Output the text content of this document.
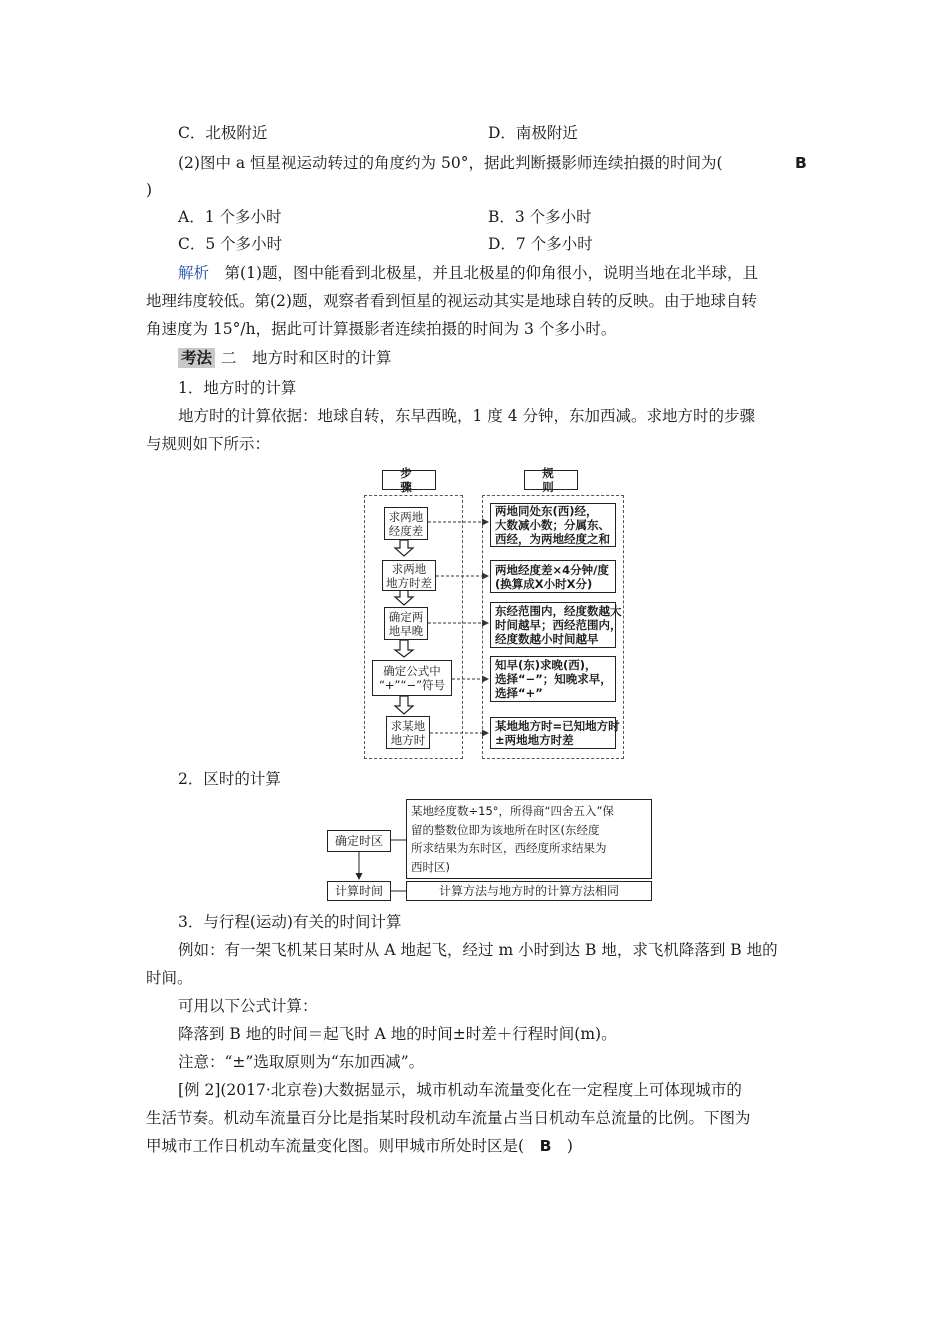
C．北极附近	D．南极附近
(2)图中 a 恒星视运动转过的角度约为 50°，据此判断摄影师连续拍摄的时间为(	B
)
A．1 个多小时	B．3 个多小时
C．5 个多小时	D．7 个多小时
解析　 第(1)题，图中能看到北极星，并且北极星的仰角很小，说明当地在北半球，且
地理纬度较低。第(2)题，观察者看到恒星的视运动其实是地球自转的反映。由于地球自转
角速度为 15°/h，据此可计算摄影者连续拍摄的时间为 3 个多小时。
考法 二　地方时和区时的计算
1．地方时的计算
地方时的计算依据：地球自转，东早西晚，1 度 4 分钟，东加西减。求地方时的步骤
与规则如下所示：
步　骤
规　则
求两地
经度差
求两地
地方时差
确定两
地早晚
确定公式中
“+”“−”符号
求某地
地方时
两地同处东(西)经，
大数减小数；分属东、
西经，为两地经度之和
两地经度差×4分钟/度
(换算成X小时X分)
东经范围内，经度数越大
时间越早；西经范围内，
经度数越小时间越早
知早(东)求晚(西)，
选择“−”；知晚求早，
选择“+”
某地地方时=已知地方时
±两地地方时差
2．区时的计算
确定时区
某地经度数÷15°，所得商“四舍五入”保
留的整数位即为该地所在时区(东经度
所求结果为东时区，西经度所求结果为
西时区)
计算时间	计算方法与地方时的计算方法相同
3．与行程(运动)有关的时间计算
例如：有一架飞机某日某时从 A 地起飞，经过 m 小时到达 B 地，求飞机降落到 B 地的
时间。
可用以下公式计算：
降落到 B 地的时间＝起飞时 A 地的时间±时差＋行程时间(m)。
注意：“±”选取原则为“东加西减”。
[例 2](2017·北京卷)大数据显示，城市机动车流量变化在一定程度上可体现城市的
生活节奏。机动车流量百分比是指某时段机动车流量占当日机动车总流量的比例。下图为
甲城市工作日机动车流量变化图。则甲城市所处时区是(　 B　 )
